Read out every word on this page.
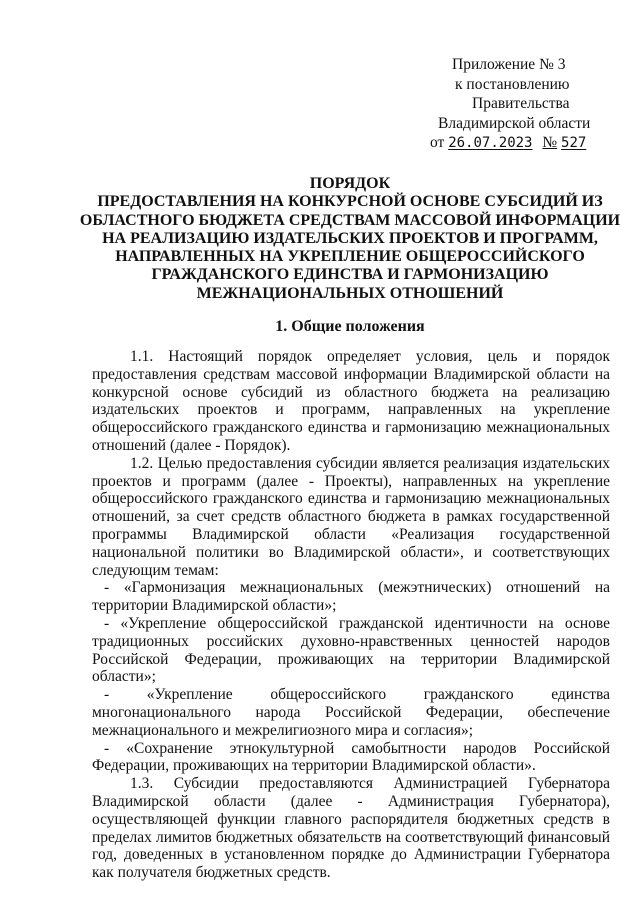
Приложение № 3
к постановлению
Правительства
Владимирской области
от 26.07.2023 № 527
ПОРЯДОК
ПРЕДОСТАВЛЕНИЯ НА КОНКУРСНОЙ ОСНОВЕ СУБСИДИЙ ИЗ
ОБЛАСТНОГО БЮДЖЕТА СРЕДСТВАМ МАССОВОЙ ИНФОРМАЦИИ
НА РЕАЛИЗАЦИЮ ИЗДАТЕЛЬСКИХ ПРОЕКТОВ И ПРОГРАММ,
НАПРАВЛЕННЫХ НА УКРЕПЛЕНИЕ ОБЩЕРОССИЙСКОГО
ГРАЖДАНСКОГО ЕДИНСТВА И ГАРМОНИЗАЦИЮ
МЕЖНАЦИОНАЛЬНЫХ ОТНОШЕНИЙ
1. Общие положения

1.1. Настоящий порядок определяет условия, цель и порядок предоставления средствам массовой информации Владимирской области на конкурсной основе субсидий из областного бюджета на реализацию издательских проектов и программ, направленных на укрепление общероссийского гражданского единства и гармонизацию межнациональных отношений (далее - Порядок).

1.2. Целью предоставления субсидии является реализация издательских проектов и программ (далее - Проекты), направленных на укрепление общероссийского гражданского единства и гармонизацию межнациональных отношений, за счет средств областного бюджета в рамках государственной программы Владимирской области «Реализация государственной национальной политики во Владимирской области», и соответствующих следующим темам:

- «Гармонизация межнациональных (межэтнических) отношений на территории Владимирской области»;

- «Укрепление общероссийской гражданской идентичности на основе традиционных российских духовно-нравственных ценностей народов Российской Федерации, проживающих на территории Владимирской области»;

- «Укрепление общероссийского гражданского единства многонационального народа Российской Федерации, обеспечение межнационального и межрелигиозного мира и согласия»;

- «Сохранение этнокультурной самобытности народов Российской Федерации, проживающих на территории Владимирской области».

1.3. Субсидии предоставляются Администрацией Губернатора Владимирской области (далее - Администрация Губернатора), осуществляющей функции главного распорядителя бюджетных средств в пределах лимитов бюджетных обязательств на соответствующий финансовый год, доведенных в установленном порядке до Администрации Губернатора как получателя бюджетных средств.
